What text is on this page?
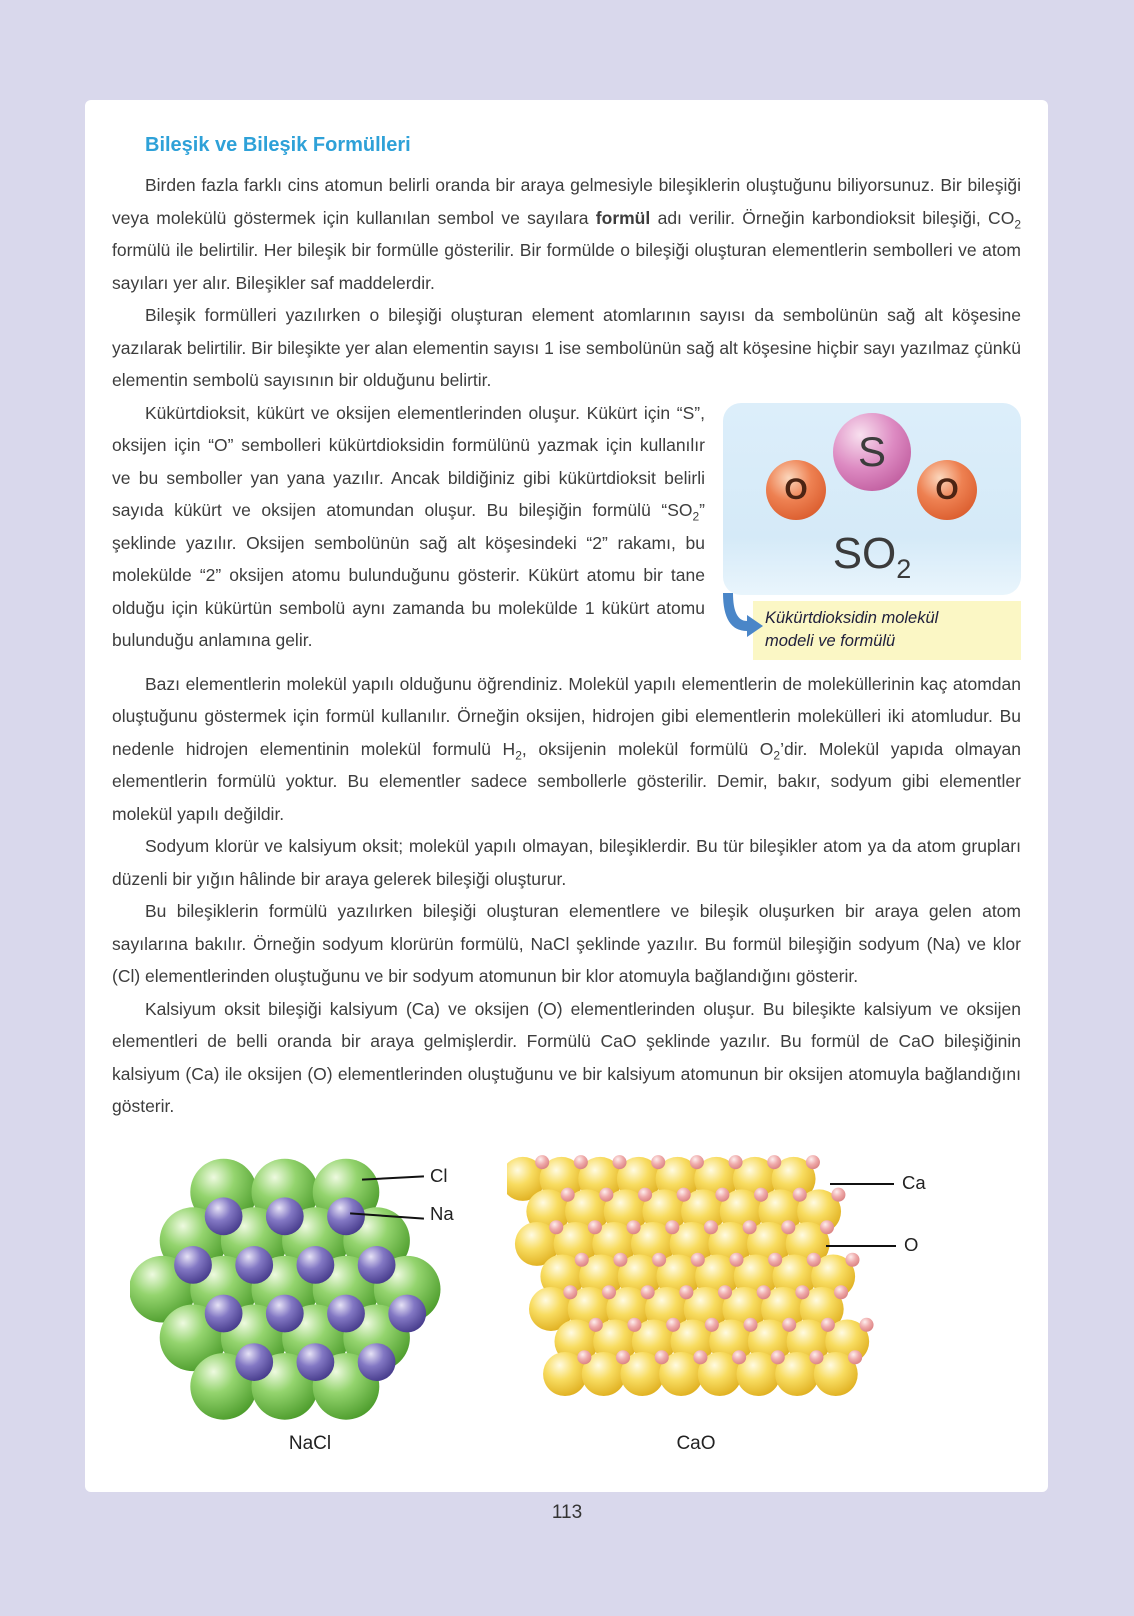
Bileşik ve Bileşik Formülleri

Birden fazla farklı cins atomun belirli oranda bir araya gelmesiyle bileşiklerin oluştuğunu biliyorsunuz. Bir bileşiği veya molekülü göstermek için kullanılan sembol ve sayılara formül adı verilir. Örneğin karbondioksit bileşiği, $CO_2$ formülü ile belirtilir. Her bileşik bir formülle gösterilir. Bir formülde o bileşiği oluşturan elementlerin sembolleri ve atom sayıları yer alır. Bileşikler saf maddelerdir.

Bileşik formülleri yazılırken o bileşiği oluşturan element atomlarının sayısı da sembolünün sağ alt köşesine yazılarak belirtilir. Bir bileşikte yer alan elementin sayısı 1 ise sembolünün sağ alt köşesine hiçbir sayı yazılmaz çünkü elementin sembolü sayısının bir olduğunu belirtir.

S
O	O
$SO_2$
Kükürtdioksidin molekül
modeli ve formülü

Kükürtdioksit, kükürt ve oksijen elementlerinden oluşur. Kükürt için “S”, oksijen için “O” sembolleri kükürtdioksidin formülünü yazmak için kullanılır ve bu semboller yan yana yazılır. Ancak bildiğiniz gibi kükürtdioksit belirli sayıda kükürt ve oksijen atomundan oluşur. Bu bileşiğin formülü “$SO_2$” şeklinde yazılır. Oksijen sembolünün sağ alt köşesindeki “2” rakamı, bu molekülde “2” oksijen atomu bulunduğunu gösterir. Kükürt atomu bir tane olduğu için kükürtün sembolü aynı zamanda bu molekülde 1 kükürt atomu bulunduğu anlamına gelir.

Bazı elementlerin molekül yapılı olduğunu öğrendiniz. Molekül yapılı elementlerin de moleküllerinin kaç atomdan oluştuğunu göstermek için formül kullanılır. Örneğin oksijen, hidrojen gibi elementlerin molekülleri iki atomludur. Bu nedenle hidrojen elementinin molekül formulü $H_2$, oksijenin molekül formülü $O_2’dir$. Molekül yapıda olmayan elementlerin formülü yoktur. Bu elementler sadece sembollerle gösterilir. Demir, bakır, sodyum gibi elementler molekül yapılı değildir.

Sodyum klorür ve kalsiyum oksit; molekül yapılı olmayan, bileşiklerdir. Bu tür bileşikler atom ya da atom grupları düzenli bir yığın hâlinde bir araya gelerek bileşiği oluşturur.

Bu bileşiklerin formülü yazılırken bileşiği oluşturan elementlere ve bileşik oluşurken bir araya gelen atom sayılarına bakılır. Örneğin sodyum klorürün formülü, NaCl şeklinde yazılır. Bu formül bileşiğin sodyum (Na) ve klor (Cl) elementlerinden oluştuğunu ve bir sodyum atomunun bir klor atomuyla bağlandığını gösterir.

Kalsiyum oksit bileşiği kalsiyum (Ca) ve oksijen (O) elementlerinden oluşur. Bu bileşikte kalsiyum ve oksijen elementleri de belli oranda bir araya gelmişlerdir. Formülü CaO şeklinde yazılır. Bu formül de CaO bileşiğinin kalsiyum (Ca) ile oksijen (O) elementlerinden oluştuğunu ve bir kalsiyum atomunun bir oksijen atomuyla bağlandığını gösterir.

Cl
Na
Ca
O
NaCl	CaO
113
